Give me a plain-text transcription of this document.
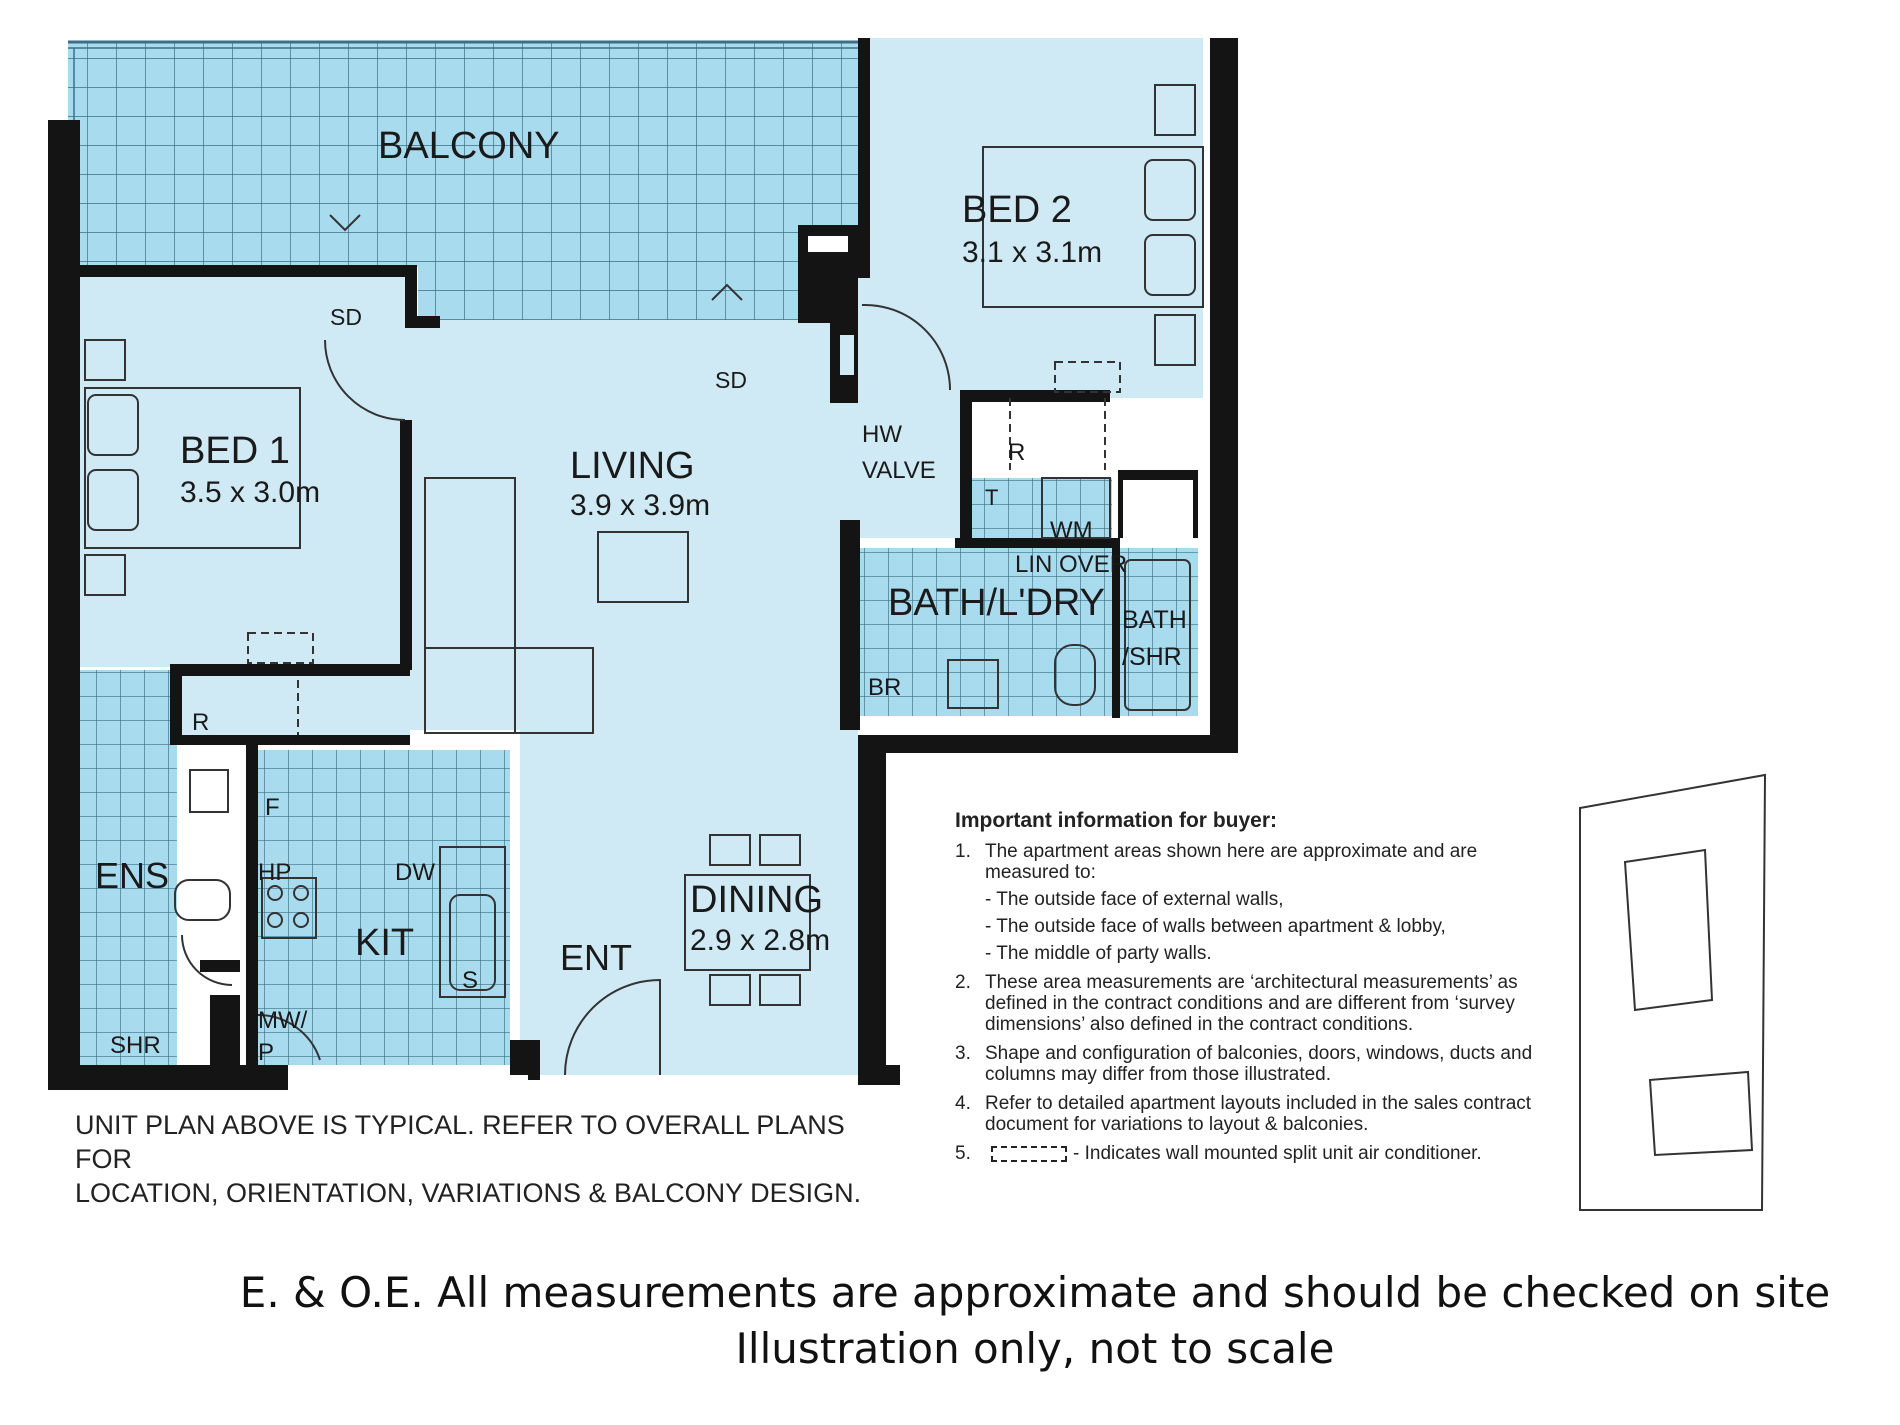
BALCONY
BED 2
3.1 x 3.1m
BED 1
3.5 x 3.0m
LIVING
3.9 x 3.9m
DINING
2.9 x 2.8m
BATH/L'DRY BATH
/SHR
ENS
KIT
SHR
SD
SD
HW
VALVE
R
R
T
WM
LIN OVER
BR
F
HP	DW
S
MW/
P
ENT
UNIT PLAN ABOVE IS TYPICAL. REFER TO OVERALL PLANS FOR
LOCATION, ORIENTATION, VARIATIONS & BALCONY DESIGN.
Important information for buyer:
1. The apartment areas shown here are approximate and are measured to:
- The outside face of external walls,
- The outside face of walls between apartment & lobby,
- The middle of party walls.
2. These area measurements are ‘architectural measurements’ as defined in the contract conditions and are different from ‘survey dimensions’ also defined in the contract conditions.
3. Shape and configuration of balconies, doors, windows, ducts and columns may differ from those illustrated.
4. Refer to detailed apartment layouts included in the sales contract document for variations to layout & balconies.
5.	- Indicates wall mounted split unit air conditioner.
E. & O.E. All measurements are approximate and should be checked on site
Illustration only, not to scale
